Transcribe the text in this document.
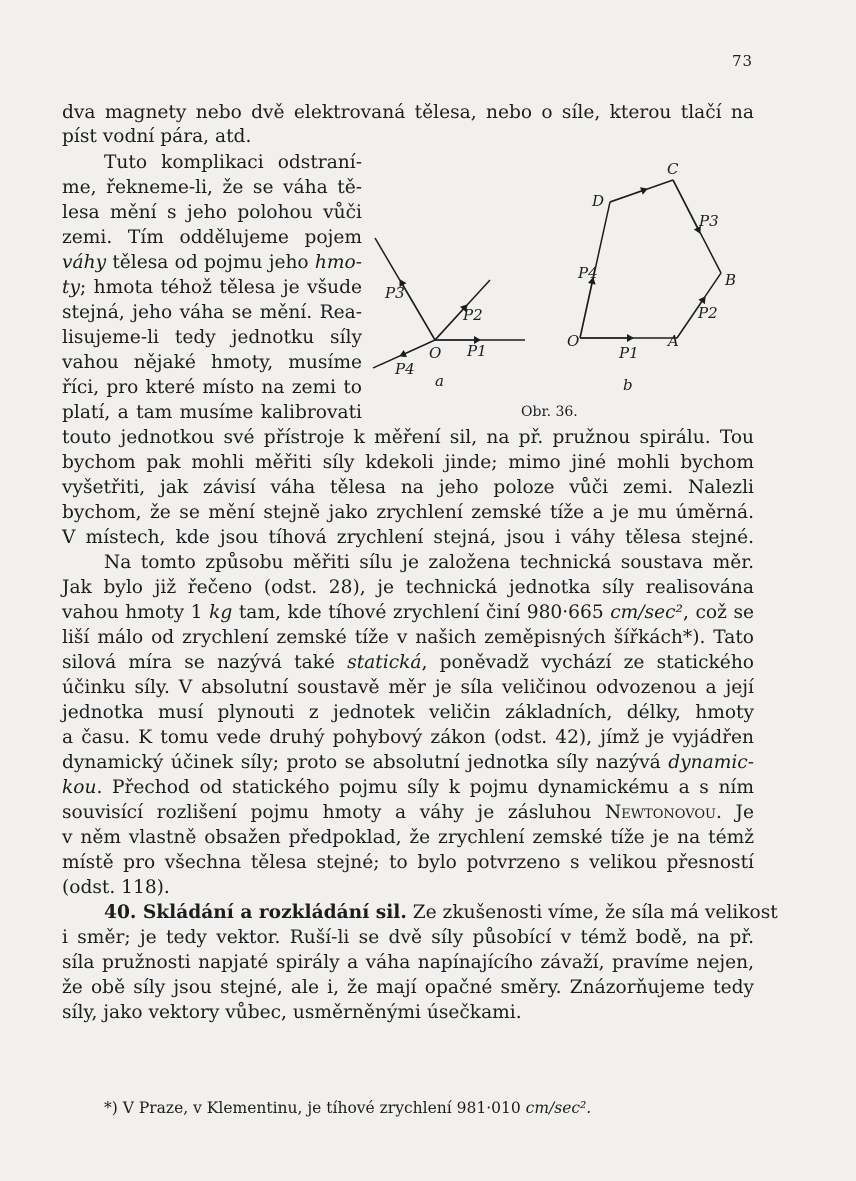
73
dva magnety nebo dvě elektrovaná tělesa, nebo o síle, kterou tlačí na
píst vodní pára, atd.
Tuto komplikaci odstraní-
me, řekneme-li, že se váha tě-
lesa mění s jeho polohou vůči
zemi. Tím oddělujeme pojem
váhy tělesa od pojmu jeho hmo-
ty; hmota téhož tělesa je všude
stejná, jeho váha se mění. Rea-
lisujeme-li tedy jednotku síly
vahou nějaké hmoty, musíme
říci, pro které místo na zemi to
platí, a tam musíme kalibrovati
touto jednotkou své přístroje k měření sil, na př. pružnou spirálu. Tou
bychom pak mohli měřiti síly kdekoli jinde; mimo jiné mohli bychom
vyšetřiti, jak závisí váha tělesa na jeho poloze vůči zemi. Nalezli
bychom, že se mění stejně jako zrychlení zemské tíže a je mu úměrná.
V místech, kde jsou tíhová zrychlení stejná, jsou i váhy tělesa stejné.
Na tomto způsobu měřiti sílu je založena technická soustava měr.
Jak bylo již řečeno (odst. 28), je technická jednotka síly realisována
vahou hmoty 1 kg tam, kde tíhové zrychlení činí 980·665 cm/sec², což se
liší málo od zrychlení zemské tíže v našich zeměpisných šířkách*). Tato
silová míra se nazývá také statická, poněvadž vychází ze statického
účinku síly. V absolutní soustavě měr je síla veličinou odvozenou a její
jednotka musí plynouti z jednotek veličin základních, délky, hmoty
a času. K tomu vede druhý pohybový zákon (odst. 42), jímž je vyjádřen
dynamický účinek síly; proto se absolutní jednotka síly nazývá dynamic-
kou. Přechod od statického pojmu síly k pojmu dynamickému a s ním
souvisící rozlišení pojmu hmoty a váhy je zásluhou Newtonovou. Je
v něm vlastně obsažen předpoklad, že zrychlení zemské tíže je na témž
místě pro všechna tělesa stejné; to bylo potvrzeno s velikou přesností
(odst. 118).
40. Skládání a rozkládání sil. Ze zkušenosti víme, že síla má velikost
i směr; je tedy vektor. Ruší-li se dvě síly působící v témž bodě, na př.
síla pružnosti napjaté spirály a váha napínajícího závaží, pravíme nejen,
že obě síly jsou stejné, ale i, že mají opačné směry. Znázorňujeme tedy
síly, jako vektory vůbec, usměrněnými úsečkami.
*) V Praze, v Klementinu, je tíhové zrychlení 981·010 cm/sec².
O P1
P2
P3
P4
a
O
P1
A
B
C
D
P2
P3
P4
b
Obr. 36.
